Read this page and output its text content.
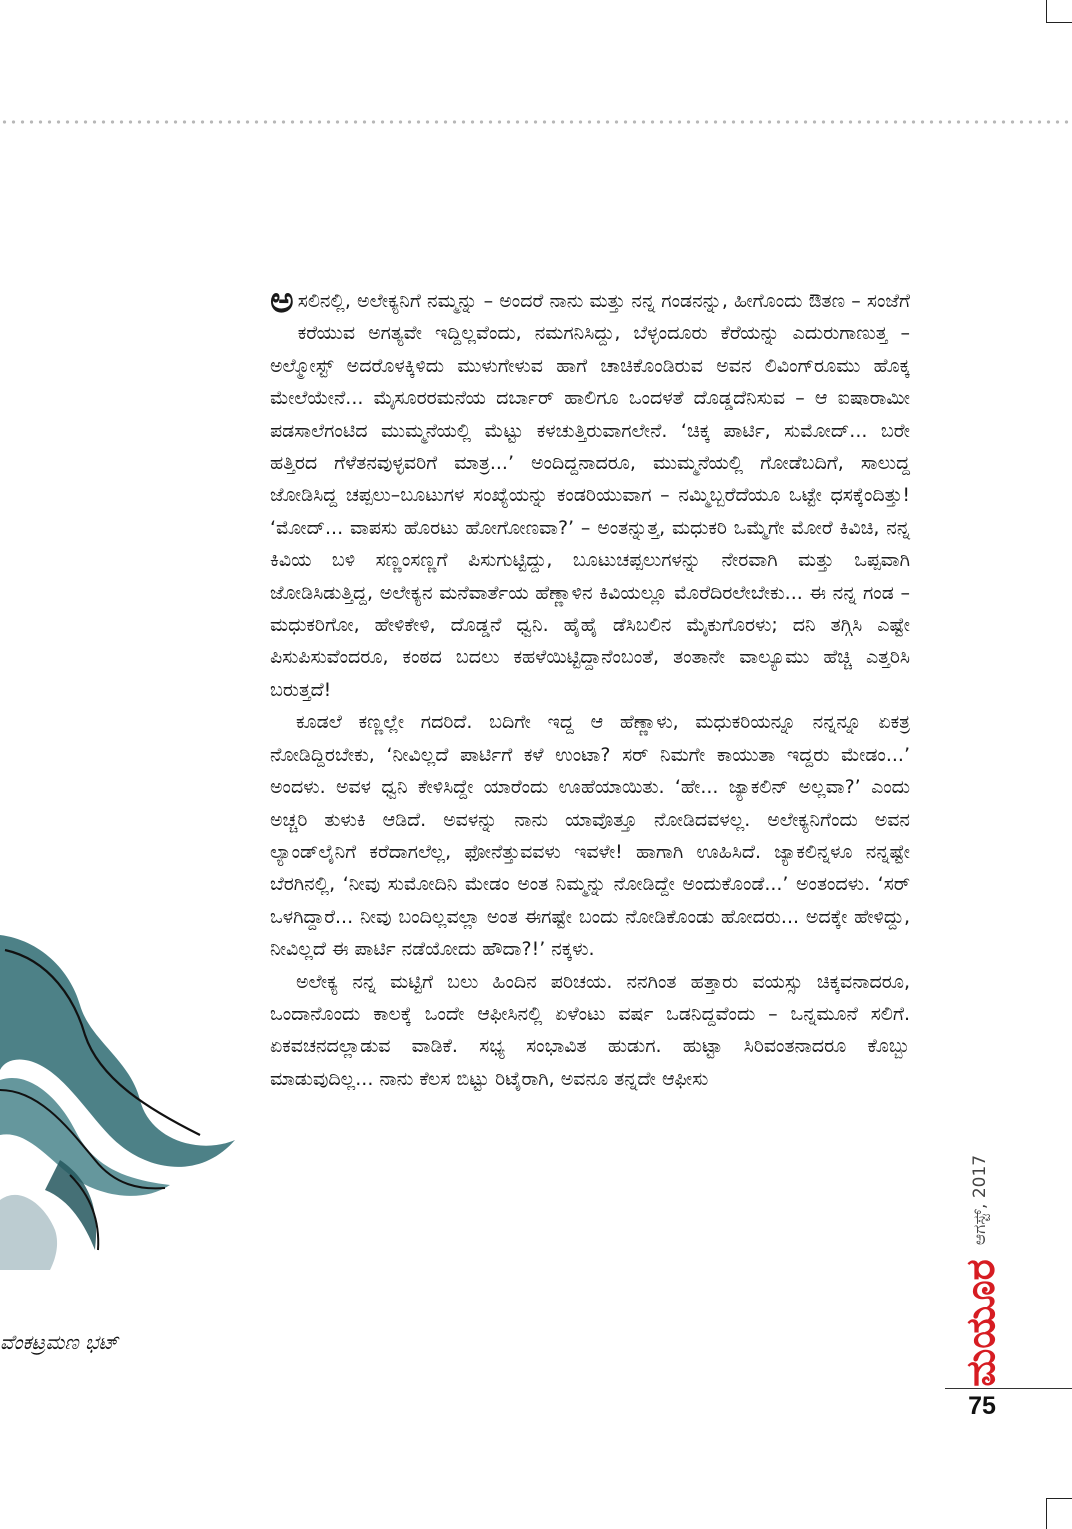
ವೆಂಕಟ್ರಮಣ ಭಟ್

ಅಸಲಿನಲ್ಲಿ, ಅಲೇಕ್ಯನಿಗೆ ನಮ್ಮನ್ನು – ಅಂದರೆ ನಾನು ಮತ್ತು ನನ್ನ ಗಂಡನನ್ನು, ಹೀಗೊಂದು ಔತಣ – ಸಂಜೆಗೆ ಕರೆಯುವ ಅಗತ್ಯವೇ ಇದ್ದಿಲ್ಲವೆಂದು, ನಮಗನಿಸಿದ್ದು, ಬೆಳ್ಳಂದೂರು ಕೆರೆಯನ್ನು ಎದುರುಗಾಣುತ್ತ – ಅಲ್ಮೋಸ್ಟ್ ಅದರೊಳಕ್ಕಿಳಿದು ಮುಳುಗೇಳುವ ಹಾಗೆ ಚಾಚಿಕೊಂಡಿರುವ ಅವನ ಲಿವಿಂಗ್‌ರೂಮು ಹೊಕ್ಕ ಮೇಲೆಯೇನೆ... ಮೈಸೂರರಮನೆಯ ದರ್ಬಾರ್ ಹಾಲಿಗೂ ಒಂದಳತೆ ದೊಡ್ಡದೆನಿಸುವ – ಆ ಐಷಾರಾಮೀ ಪಡಸಾಲೆಗಂಟಿದ ಮುಮ್ಮನೆಯಲ್ಲಿ ಮೆಟ್ಟು ಕಳಚುತ್ತಿರುವಾಗಲೇನೆ. ‘ಚಿಕ್ಕ ಪಾರ್ಟಿ, ಸುಮೋದ್... ಬರೇ ಹತ್ತಿರದ ಗೆಳೆತನವುಳ್ಳವರಿಗೆ ಮಾತ್ರ...’ ಅಂದಿದ್ದನಾದರೂ, ಮುಮ್ಮನೆಯಲ್ಲಿ ಗೋಡೆಬದಿಗೆ, ಸಾಲುದ್ದ ಜೋಡಿಸಿದ್ದ ಚಪ್ಪಲು–ಬೂಟುಗಳ ಸಂಖ್ಯೆಯನ್ನು ಕಂಡರಿಯುವಾಗ – ನಮ್ಮಿಬ್ಬರೆದೆಯೂ ಒಟ್ಟೇ ಧಸಕ್ಕೆಂದಿತ್ತು! ‘ಮೋದ್... ವಾಪಸು ಹೊರಟು ಹೋಗೋಣವಾ?’ – ಅಂತನ್ನುತ್ತ, ಮಧುಕರಿ ಒಮ್ಮೆಗೇ ಮೋರೆ ಕಿವಿಚಿ, ನನ್ನ ಕಿವಿಯ ಬಳಿ ಸಣ್ಣಂಸಣ್ಣಗೆ ಪಿಸುಗುಟ್ಟಿದ್ದು, ಬೂಟುಚಪ್ಪಲುಗಳನ್ನು ನೇರವಾಗಿ ಮತ್ತು ಒಪ್ಪವಾಗಿ ಜೋಡಿಸಿಡುತ್ತಿದ್ದ, ಅಲೇಕ್ಯನ ಮನೆವಾರ್ತೆಯ ಹೆಣ್ಣಾಳಿನ ಕಿವಿಯಲ್ಲೂ ಮೊರೆದಿರಲೇಬೇಕು... ಈ ನನ್ನ ಗಂಡ – ಮಧುಕರಿಗೋ, ಹೇಳಿಕೇಳಿ, ದೊಡ್ಡನೆ ಧ್ವನಿ. ಹೈಹೈ ಡೆಸಿಬಲಿನ ಮೈಕುಗೊರಳು; ದನಿ ತಗ್ಗಿಸಿ ಎಷ್ಟೇ ಪಿಸುಪಿಸುವೆಂದರೂ, ಕಂಠದ ಬದಲು ಕಹಳೆಯಿಟ್ಟಿದ್ದಾನೆಂಬಂತೆ, ತಂತಾನೇ ವಾಲ್ಯೂಮು ಹೆಚ್ಚಿ ಎತ್ತರಿಸಿ ಬರುತ್ತದೆ!

ಕೂಡಲೆ ಕಣ್ಣಲ್ಲೇ ಗದರಿದೆ. ಬದಿಗೇ ಇದ್ದ ಆ ಹೆಣ್ಣಾಳು, ಮಧುಕರಿಯನ್ನೂ ನನ್ನನ್ನೂ ಏಕತ್ರ ನೋಡಿದ್ದಿರಬೇಕು, ‘ನೀವಿಲ್ಲದೆ ಪಾರ್ಟಿಗೆ ಕಳೆ ಉಂಟಾ? ಸರ್ ನಿಮಗೇ ಕಾಯುತಾ ಇದ್ದರು ಮೇಡಂ...’ ಅಂದಳು. ಅವಳ ಧ್ವನಿ ಕೇಳಿಸಿದ್ದೇ ಯಾರೆಂದು ಊಹೆಯಾಯಿತು. ‘ಹೇ... ಜ್ಯಾಕಲಿನ್ ಅಲ್ಲವಾ?’ ಎಂದು ಅಚ್ಚರಿ ತುಳುಕಿ ಆಡಿದೆ. ಅವಳನ್ನು ನಾನು ಯಾವೊತ್ತೂ ನೋಡಿದವಳಲ್ಲ. ಅಲೇಕ್ಯನಿಗೆಂದು ಅವನ ಲ್ಯಾಂಡ್‌ಲೈನಿಗೆ ಕರೆದಾಗಲೆಲ್ಲ, ಫೋನೆತ್ತುವವಳು ಇವಳೇ! ಹಾಗಾಗಿ ಊಹಿಸಿದೆ. ಜ್ಯಾಕಲಿನ್ನಳೂ ನನ್ನಷ್ಟೇ ಬೆರಗಿನಲ್ಲಿ, ‘ನೀವು ಸುಮೋದಿನಿ ಮೇಡಂ ಅಂತ ನಿಮ್ಮನ್ನು ನೋಡಿದ್ದೇ ಅಂದುಕೊಂಡೆ...’ ಅಂತಂದಳು. ‘ಸರ್ ಒಳಗಿದ್ದಾರೆ... ನೀವು ಬಂದಿಲ್ಲವಲ್ಲಾ ಅಂತ ಈಗಷ್ಟೇ ಬಂದು ನೋಡಿಕೊಂಡು ಹೋದರು... ಅದಕ್ಕೇ ಹೇಳಿದ್ದು, ನೀವಿಲ್ಲದೆ ಈ ಪಾರ್ಟಿ ನಡೆಯೋದು ಹೌದಾ?!’ ನಕ್ಕಳು.

ಅಲೇಕ್ಯ ನನ್ನ ಮಟ್ಟಿಗೆ ಬಲು ಹಿಂದಿನ ಪರಿಚಯ. ನನಗಿಂತ ಹತ್ತಾರು ವಯಸ್ಸು ಚಿಕ್ಕವನಾದರೂ, ಒಂದಾನೊಂದು ಕಾಲಕ್ಕೆ ಒಂದೇ ಆಫೀಸಿನಲ್ಲಿ ಏಳೆಂಟು ವರ್ಷ ಒಡನಿದ್ದವೆಂದು – ಒನ್ನಮೂನೆ ಸಲಿಗೆ. ಏಕವಚನದಲ್ಲಾಡುವ ವಾಡಿಕೆ. ಸಭ್ಯ ಸಂಭಾವಿತ ಹುಡುಗ. ಹುಟ್ಟಾ ಸಿರಿವಂತನಾದರೂ ಕೊಬ್ಬು ಮಾಡುವುದಿಲ್ಲ... ನಾನು ಕೆಲಸ ಬಿಟ್ಟು ರಿಟೈರಾಗಿ, ಅವನೂ ತನ್ನದೇ ಆಫೀಸು

ಆಗಸ್ಟ್, 2017
ಮಯೂರ
75
